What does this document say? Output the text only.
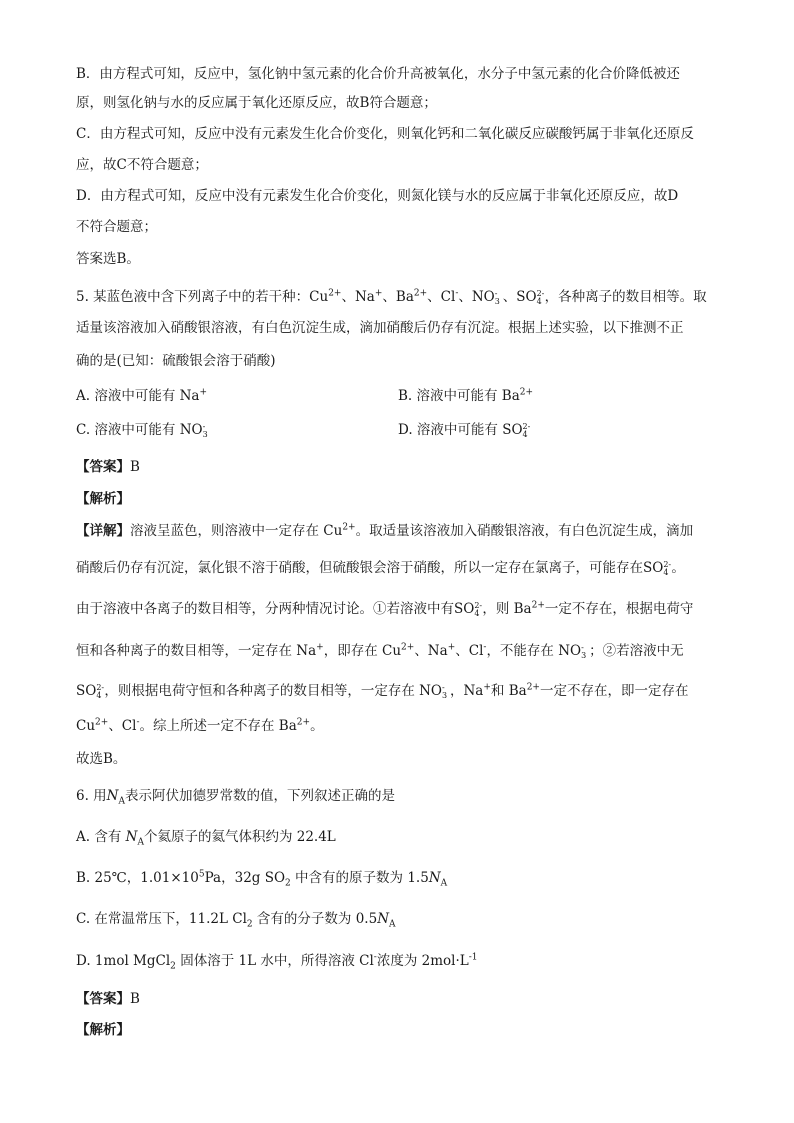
B．由方程式可知，反应中，氢化钠中氢元素的化合价升高被氧化，水分子中氢元素的化合价降低被还
原，则氢化钠与水的反应属于氧化还原反应，故B符合题意；
C．由方程式可知，反应中没有元素发生化合价变化，则氧化钙和二氧化碳反应碳酸钙属于非氧化还原反
应，故C不符合题意；
D．由方程式可知，反应中没有元素发生化合价变化，则氮化镁与水的反应属于非氧化还原反应，故D
不符合题意；
答案选B。
5. 某蓝色液中含下列离子中的若干种：$Cu^{2+}$、Na+、$Ba^{2+}$、Cl-、NO -
3 、SO 2-
4 ，各种离子的数目相等。取
适量该溶液加入硝酸银溶液，有白色沉淀生成，滴加硝酸后仍存有沉淀。根据上述实验，以下推测不正
确的是(已知：硫酸银会溶于硝酸)
A. 溶液中可能有 Na+	B. 溶液中可能有 $Ba^{2+}$
C. 溶液中可能有 NO -
3	D. 溶液中可能有 SO 2-
4
【答案】B
【解析】
【详解】溶液呈蓝色，则溶液中一定存在 $Cu^{2+}$。取适量该溶液加入硝酸银溶液，有白色沉淀生成，滴加
硝酸后仍存有沉淀，氯化银不溶于硝酸，但硫酸银会溶于硝酸，所以一定存在氯离子，可能存在SO 2-
4 。
由于溶液中各离子的数目相等，分两种情况讨论。①若溶液中有SO 2-
4 ，则 $Ba^{2+}$一定不存在，根据电荷守
恒和各种离子的数目相等，一定存在 Na+，即存在 $Cu^{2+}$、Na+、Cl-，不能存在 NO -
3 ；②若溶液中无
SO 2-
4 ，则根据电荷守恒和各种离子的数目相等，一定存在 NO -
3 ，Na+和 $Ba^{2+}$一定不存在，即一定存在
$Cu^{2+}$、Cl-。综上所述一定不存在 $Ba^{2+}$。
故选B。
6. 用$N_A$表示阿伏加德罗常数的值，下列叙述正确的是
A. 含有 $N_A$个氦原子的氦气体积约为 22.4L
B. 25℃，$1.01\times 10^5Pa$，32g $SO_2$ 中含有的原子数为 $1.5N_A$
C. 在常温常压下，11.2L $Cl_2$ 含有的分子数为 $0.5N_A$
D. 1mol MgCl$_2$ 固体溶于 1L 水中，所得溶液 Cl-浓度为 $2mol\cdot L^{-1}$
【答案】B
【解析】
